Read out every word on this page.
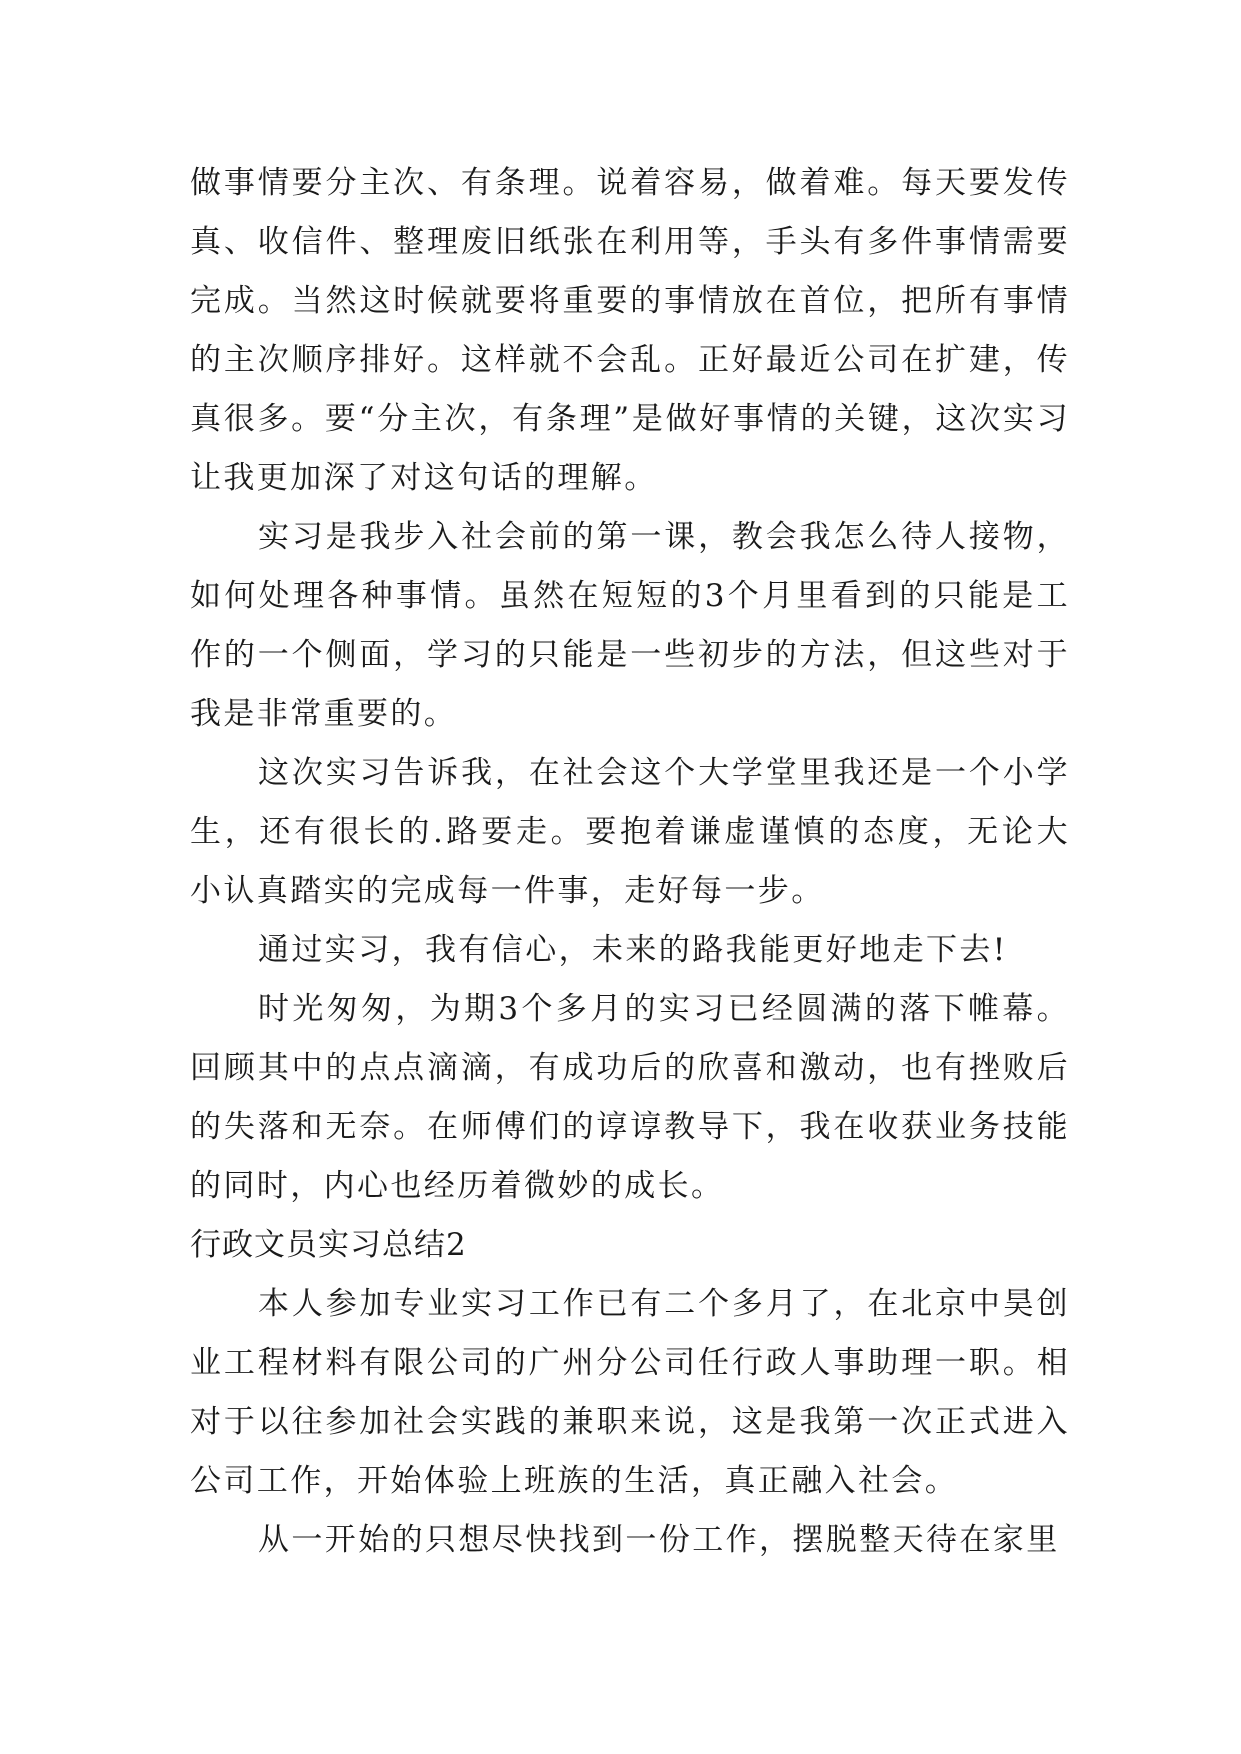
做事情要分主次、有条理。说着容易，做着难。每天要发传真、收信件、整理废旧纸张在利用等，手头有多件事情需要完成。当然这时候就要将重要的事情放在首位，把所有事情的主次顺序排好。这样就不会乱。正好最近公司在扩建，传真很多。要“分主次，有条理”是做好事情的关键，这次实习让我更加深了对这句话的理解。

实习是我步入社会前的第一课，教会我怎么待人接物，如何处理各种事情。虽然在短短的3个月里看到的只能是工作的一个侧面，学习的只能是一些初步的方法，但这些对于我是非常重要的。

这次实习告诉我，在社会这个大学堂里我还是一个小学生，还有很长的.路要走。要抱着谦虚谨慎的态度，无论大小认真踏实的完成每一件事，走好每一步。

通过实习，我有信心，未来的路我能更好地走下去!

时光匆匆，为期3个多月的实习已经圆满的落下帷幕。回顾其中的点点滴滴，有成功后的欣喜和激动，也有挫败后的失落和无奈。在师傅们的谆谆教导下，我在收获业务技能的同时，内心也经历着微妙的成长。

行政文员实习总结2

本人参加专业实习工作已有二个多月了，在北京中昊创业工程材料有限公司的广州分公司任行政人事助理一职。相对于以往参加社会实践的兼职来说，这是我第一次正式进入公司工作，开始体验上班族的生活，真正融入社会。

从一开始的只想尽快找到一份工作，摆脱整天待在家里
